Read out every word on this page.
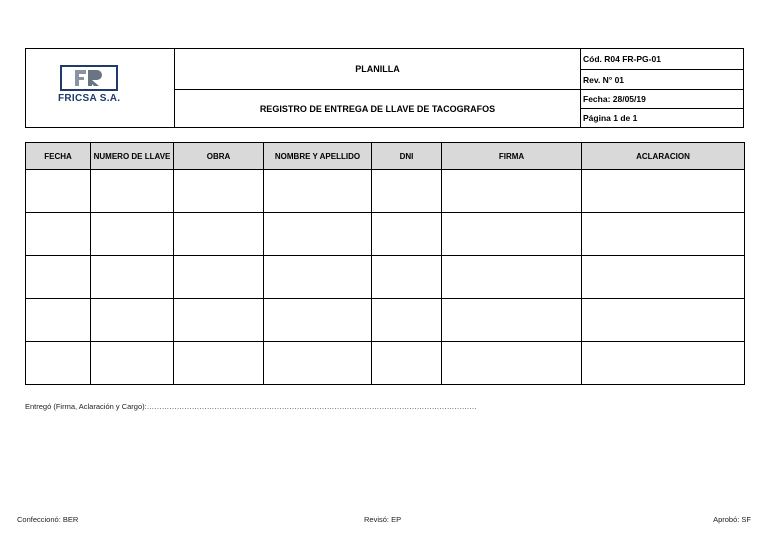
FRICSA S.A.
PLANILLA
REGISTRO DE ENTREGA DE LLAVE DE TACOGRAFOS
Cód. R04 FR-PG-01
Rev. N° 01
Fecha: 28/05/19
Página 1 de 1
FECHA	NUMERO DE LLAVE	OBRA	NOMBRE Y APELLIDO	DNI	FIRMA	ACLARACION

Entregó (Firma, Aclaración y Cargo):……………………………………………………………………………………………………………………
Confeccionó: BER	Revisó: EP	Aprobó: SF
